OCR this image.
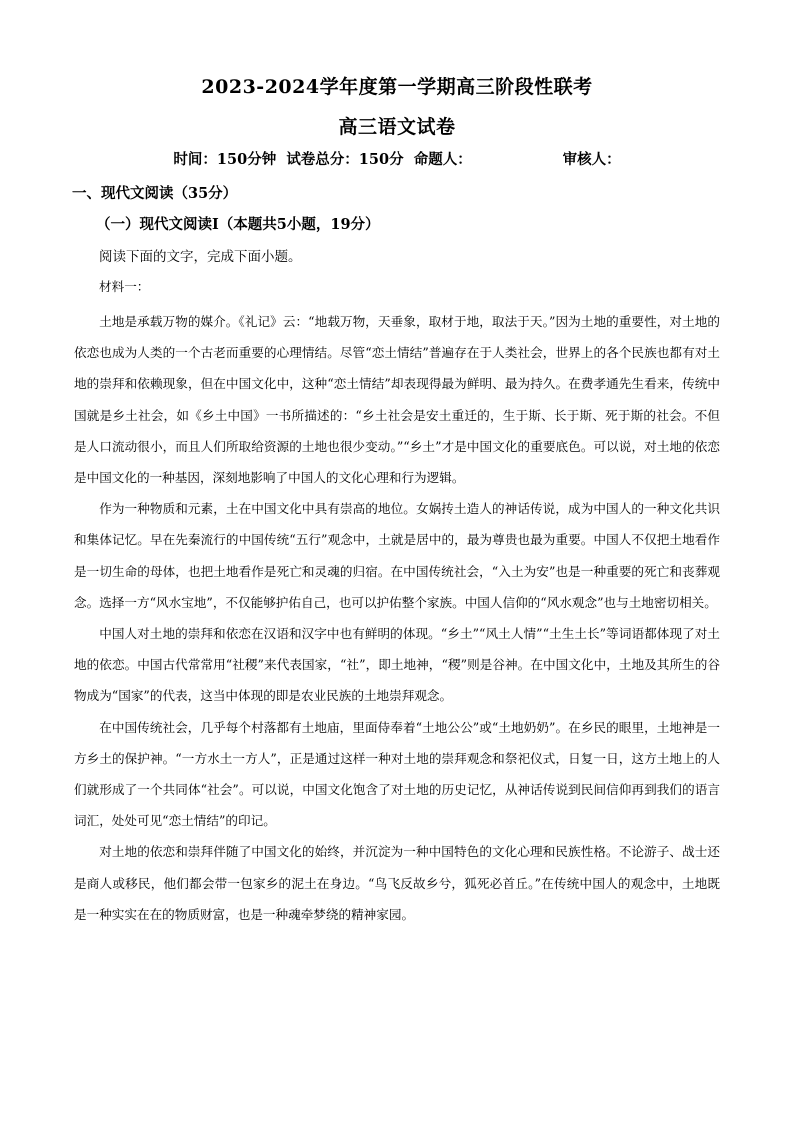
2023-2024学年度第一学期高三阶段性联考
高三语文试卷
时间：150分钟 试卷总分：150分 命题人：	审核人：
一、现代文阅读（35分）
（一）现代文阅读Ⅰ（本题共5小题，19分）
阅读下面的文字，完成下面小题。
材料一：

土地是承载万物的媒介。《礼记》云：“地载万物，天垂象，取材于地，取法于天。”因为土地的重要性，对土地的依恋也成为人类的一个古老而重要的心理情结。尽管“恋土情结”普遍存在于人类社会，世界上的各个民族也都有对土地的崇拜和依赖现象，但在中国文化中，这种“恋土情结”却表现得最为鲜明、最为持久。在费孝通先生看来，传统中国就是乡土社会，如《乡土中国》一书所描述的：“乡土社会是安土重迁的，生于斯、长于斯、死于斯的社会。不但是人口流动很小，而且人们所取给资源的土地也很少变动。”“乡土”才是中国文化的重要底色。可以说，对土地的依恋是中国文化的一种基因，深刻地影响了中国人的文化心理和行为逻辑。

作为一种物质和元素，土在中国文化中具有崇高的地位。女娲抟土造人的神话传说，成为中国人的一种文化共识和集体记忆。早在先秦流行的中国传统“五行”观念中，土就是居中的，最为尊贵也最为重要。中国人不仅把土地看作是一切生命的母体，也把土地看作是死亡和灵魂的归宿。在中国传统社会，“入土为安”也是一种重要的死亡和丧葬观念。选择一方“风水宝地”，不仅能够护佑自己，也可以护佑整个家族。中国人信仰的“风水观念”也与土地密切相关。

中国人对土地的崇拜和依恋在汉语和汉字中也有鲜明的体现。“乡土”“风土人情”“土生土长”等词语都体现了对土地的依恋。中国古代常常用“社稷”来代表国家，“社”，即土地神，“稷”则是谷神。在中国文化中，土地及其所生的谷物成为“国家”的代表，这当中体现的即是农业民族的土地崇拜观念。

在中国传统社会，几乎每个村落都有土地庙，里面侍奉着“土地公公”或“土地奶奶”。在乡民的眼里，土地神是一方乡土的保护神。“一方水土一方人”，正是通过这样一种对土地的崇拜观念和祭祀仪式，日复一日，这方土地上的人们就形成了一个共同体“社会”。可以说，中国文化饱含了对土地的历史记忆，从神话传说到民间信仰再到我们的语言词汇，处处可见“恋土情结”的印记。

对土地的依恋和崇拜伴随了中国文化的始终，并沉淀为一种中国特色的文化心理和民族性格。不论游子、战士还是商人或移民，他们都会带一包家乡的泥土在身边。“鸟飞反故乡兮，狐死必首丘。”在传统中国人的观念中，土地既是一种实实在在的物质财富，也是一种魂牵梦绕的精神家园。
